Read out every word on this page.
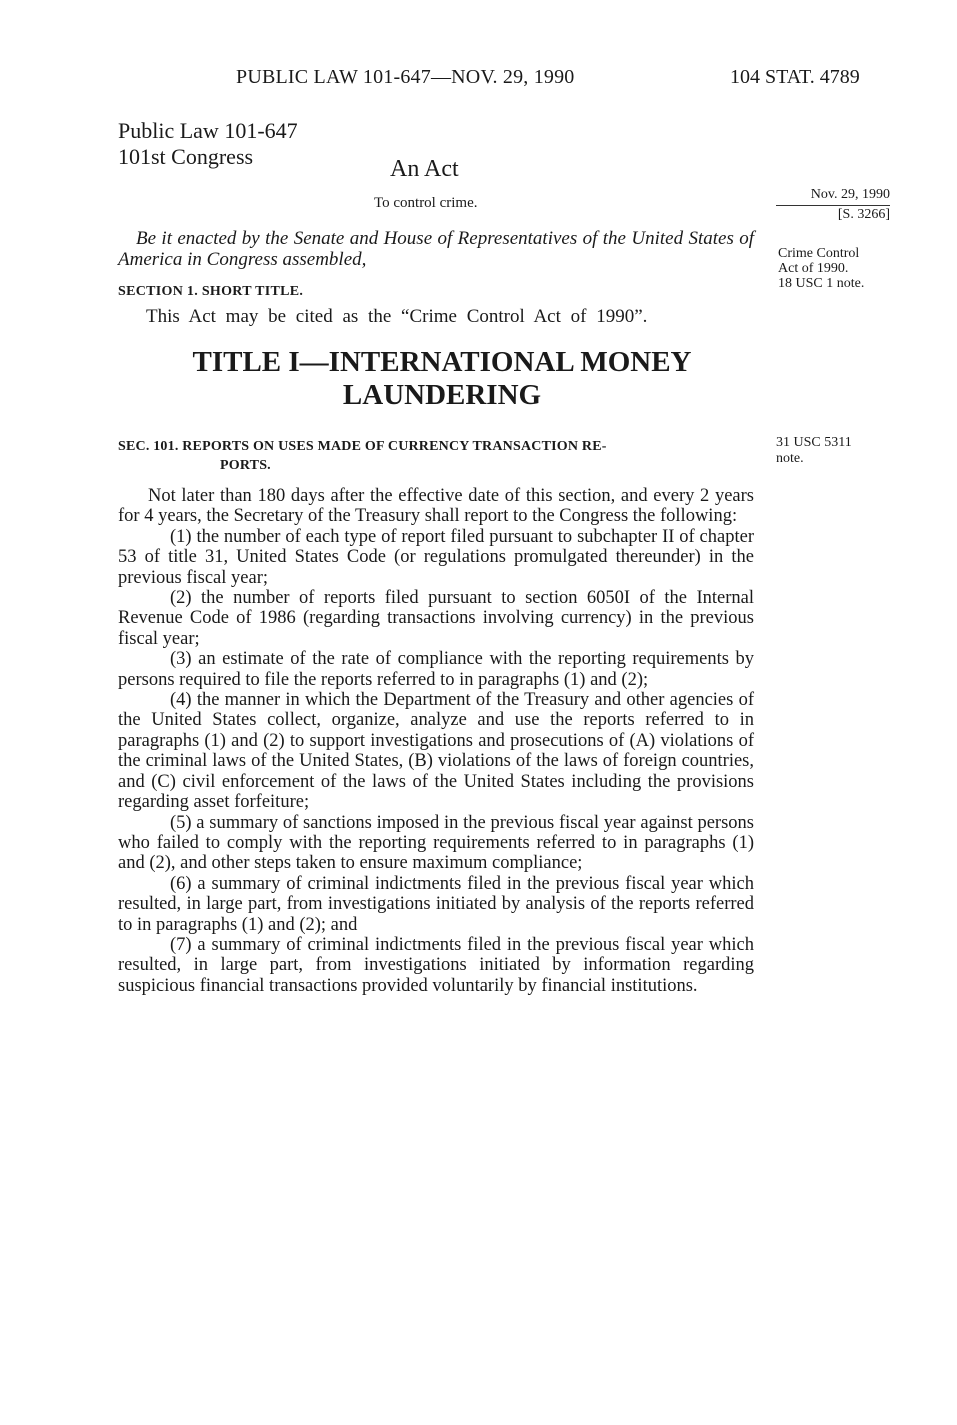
PUBLIC LAW 101-647—NOV. 29, 1990	104 STAT. 4789
Public Law 101-647
101st Congress	An Act
To control crime.
Nov. 29, 1990
[S. 3266]
Be it enacted by the Senate and House of Representatives of the United States of America in Congress assembled,	Crime Control
Act of 1990.
18 USC 1 note.
SECTION 1. SHORT TITLE.
This Act may be cited as the “Crime Control Act of 1990”.
TITLE I—INTERNATIONAL MONEY LAUNDERING
SEC. 101. REPORTS ON USES MADE OF CURRENCY TRANSACTION RE-
PORTS.
31 USC 5311
note.

Not later than 180 days after the effective date of this section, and every 2 years for 4 years, the Secretary of the Treasury shall report to the Congress the following:

(1) the number of each type of report filed pursuant to subchapter II of chapter 53 of title 31, United States Code (or regulations promulgated thereunder) in the previous fiscal year;

(2) the number of reports filed pursuant to section 6050I of the Internal Revenue Code of 1986 (regarding transactions involving currency) in the previous fiscal year;

(3) an estimate of the rate of compliance with the reporting requirements by persons required to file the reports referred to in paragraphs (1) and (2);

(4) the manner in which the Department of the Treasury and other agencies of the United States collect, organize, analyze and use the reports referred to in paragraphs (1) and (2) to support investigations and prosecutions of (A) violations of the criminal laws of the United States, (B) violations of the laws of foreign countries, and (C) civil enforcement of the laws of the United States including the provisions regarding asset forfeiture;

(5) a summary of sanctions imposed in the previous fiscal year against persons who failed to comply with the reporting requirements referred to in paragraphs (1) and (2), and other steps taken to ensure maximum compliance;

(6) a summary of criminal indictments filed in the previous fiscal year which resulted, in large part, from investigations initiated by analysis of the reports referred to in paragraphs (1) and (2); and

(7) a summary of criminal indictments filed in the previous fiscal year which resulted, in large part, from investigations initiated by information regarding suspicious financial transactions provided voluntarily by financial institutions.
